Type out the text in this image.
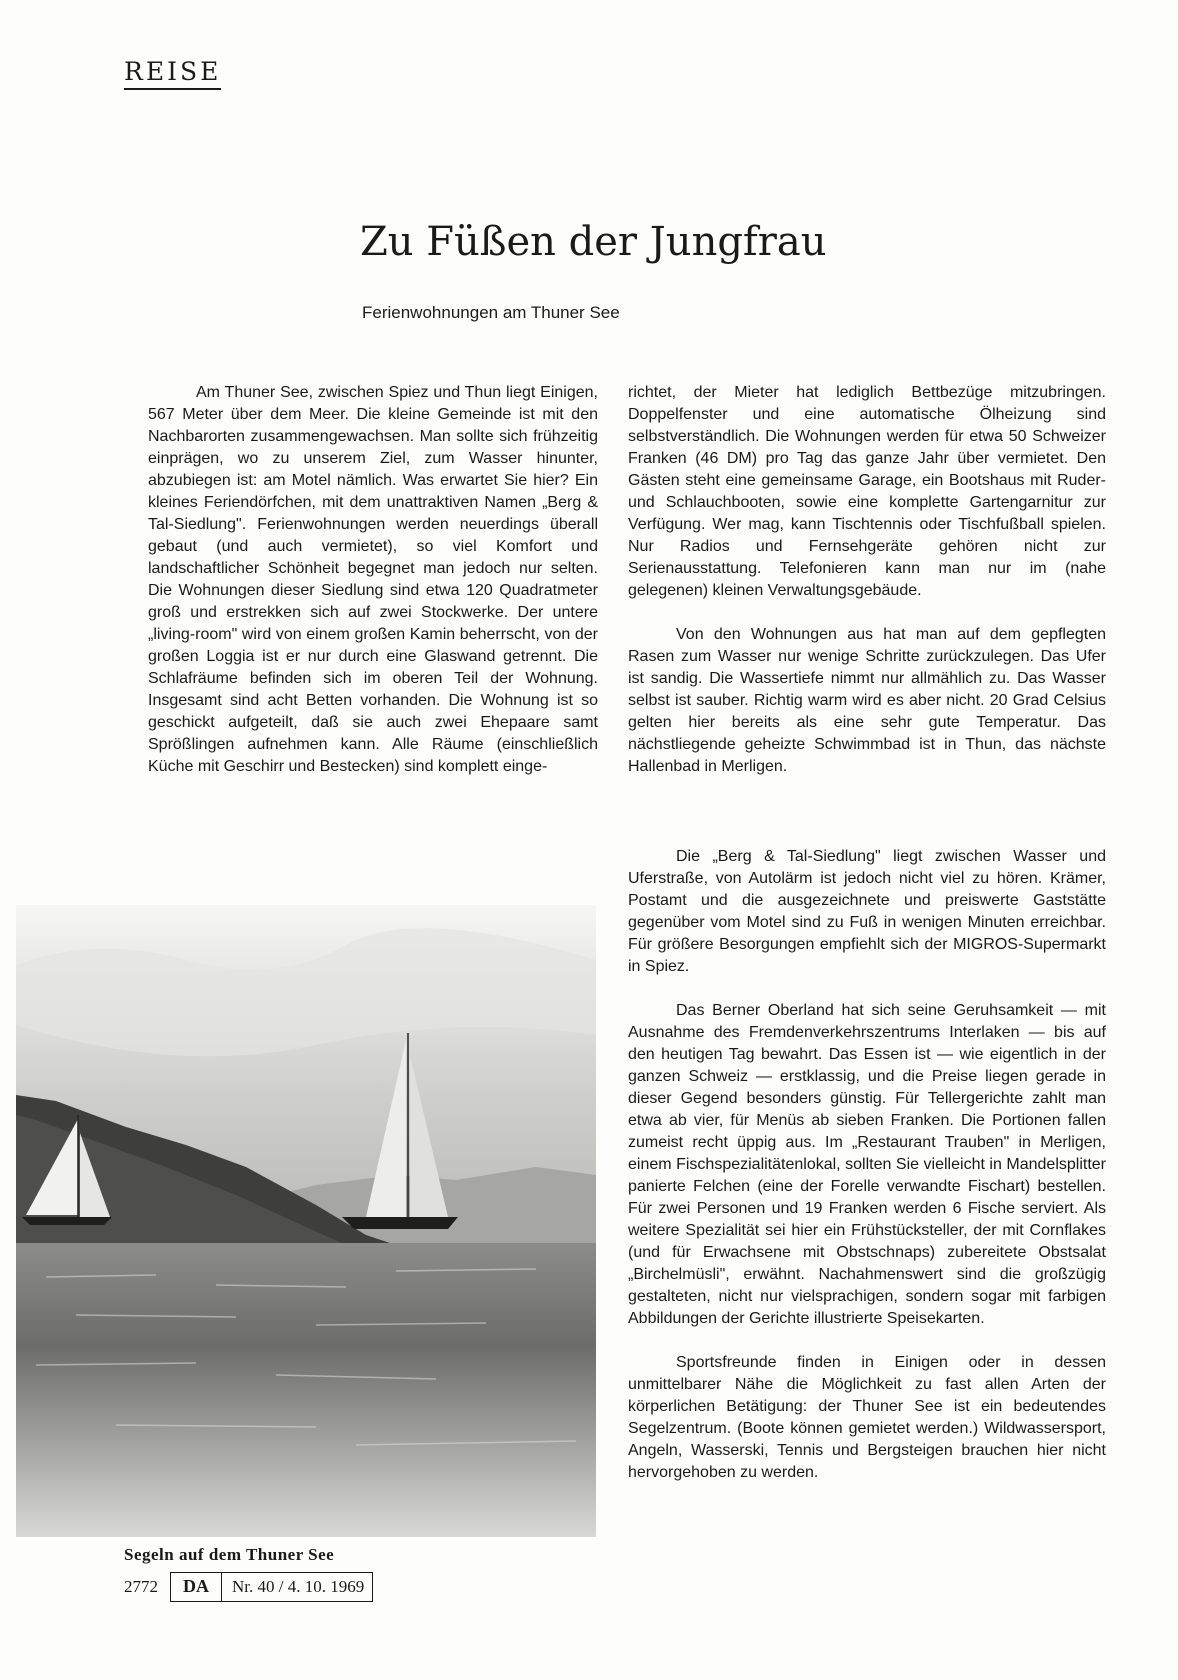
REISE
Zu Füßen der Jungfrau
Ferienwohnungen am Thuner See

Am Thuner See, zwischen Spiez und Thun liegt Einigen, 567 Meter über dem Meer. Die kleine Gemeinde ist mit den Nachbarorten zusammengewachsen. Man sollte sich frühzeitig einprägen, wo zu unserem Ziel, zum Wasser hinunter, abzubiegen ist: am Motel nämlich. Was erwartet Sie hier? Ein kleines Feriendörfchen, mit dem unattraktiven Namen „Berg & Tal-Siedlung". Ferienwohnungen werden neuerdings überall gebaut (und auch vermietet), so viel Komfort und landschaftlicher Schönheit begegnet man jedoch nur selten. Die Wohnungen dieser Siedlung sind etwa 120 Quadratmeter groß und erstrekken sich auf zwei Stockwerke. Der untere „living-room" wird von einem großen Kamin beherrscht, von der großen Loggia ist er nur durch eine Glaswand getrennt. Die Schlafräume befinden sich im oberen Teil der Wohnung. Insgesamt sind acht Betten vorhanden. Die Wohnung ist so geschickt aufgeteilt, daß sie auch zwei Ehepaare samt Sprößlingen aufnehmen kann. Alle Räume (einschließlich Küche mit Geschirr und Bestecken) sind komplett einge-

richtet, der Mieter hat lediglich Bettbezüge mitzubringen. Doppelfenster und eine automatische Ölheizung sind selbstverständlich. Die Wohnungen werden für etwa 50 Schweizer Franken (46 DM) pro Tag das ganze Jahr über vermietet. Den Gästen steht eine gemeinsame Garage, ein Bootshaus mit Ruder- und Schlauchbooten, sowie eine komplette Gartengarnitur zur Verfügung. Wer mag, kann Tischtennis oder Tischfußball spielen. Nur Radios und Fernsehgeräte gehören nicht zur Serienausstattung. Telefonieren kann man nur im (nahe gelegenen) kleinen Verwaltungsgebäude.

Von den Wohnungen aus hat man auf dem gepflegten Rasen zum Wasser nur wenige Schritte zurückzulegen. Das Ufer ist sandig. Die Wassertiefe nimmt nur allmählich zu. Das Wasser selbst ist sauber. Richtig warm wird es aber nicht. 20 Grad Celsius gelten hier bereits als eine sehr gute Temperatur. Das nächstliegende geheizte Schwimmbad ist in Thun, das nächste Hallenbad in Merligen.

Die „Berg & Tal-Siedlung" liegt zwischen Wasser und Uferstraße, von Autolärm ist jedoch nicht viel zu hören. Krämer, Postamt und die ausgezeichnete und preiswerte Gaststätte gegenüber vom Motel sind zu Fuß in wenigen Minuten erreichbar. Für größere Besorgungen empfiehlt sich der MIGROS-Supermarkt in Spiez.

Das Berner Oberland hat sich seine Geruhsamkeit — mit Ausnahme des Fremdenverkehrszentrums Interlaken — bis auf den heutigen Tag bewahrt. Das Essen ist — wie eigentlich in der ganzen Schweiz — erstklassig, und die Preise liegen gerade in dieser Gegend besonders günstig. Für Tellergerichte zahlt man etwa ab vier, für Menüs ab sieben Franken. Die Portionen fallen zumeist recht üppig aus. Im „Restaurant Trauben" in Merligen, einem Fischspezialitätenlokal, sollten Sie vielleicht in Mandelsplitter panierte Felchen (eine der Forelle verwandte Fischart) bestellen. Für zwei Personen und 19 Franken werden 6 Fische serviert. Als weitere Spezialität sei hier ein Frühstücksteller, der mit Cornflakes (und für Erwachsene mit Obstschnaps) zubereitete Obstsalat „Birchelmüsli", erwähnt. Nachahmenswert sind die großzügig gestalteten, nicht nur vielsprachigen, sondern sogar mit farbigen Abbildungen der Gerichte illustrierte Speisekarten.

Sportsfreunde finden in Einigen oder in dessen unmittelbarer Nähe die Möglichkeit zu fast allen Arten der körperlichen Betätigung: der Thuner See ist ein bedeutendes Segelzentrum. (Boote können gemietet werden.) Wildwassersport, Angeln, Wasserski, Tennis und Bergsteigen brauchen hier nicht hervorgehoben zu werden.

Segeln auf dem Thuner See
2772	DA	Nr. 40 / 4. 10. 1969
